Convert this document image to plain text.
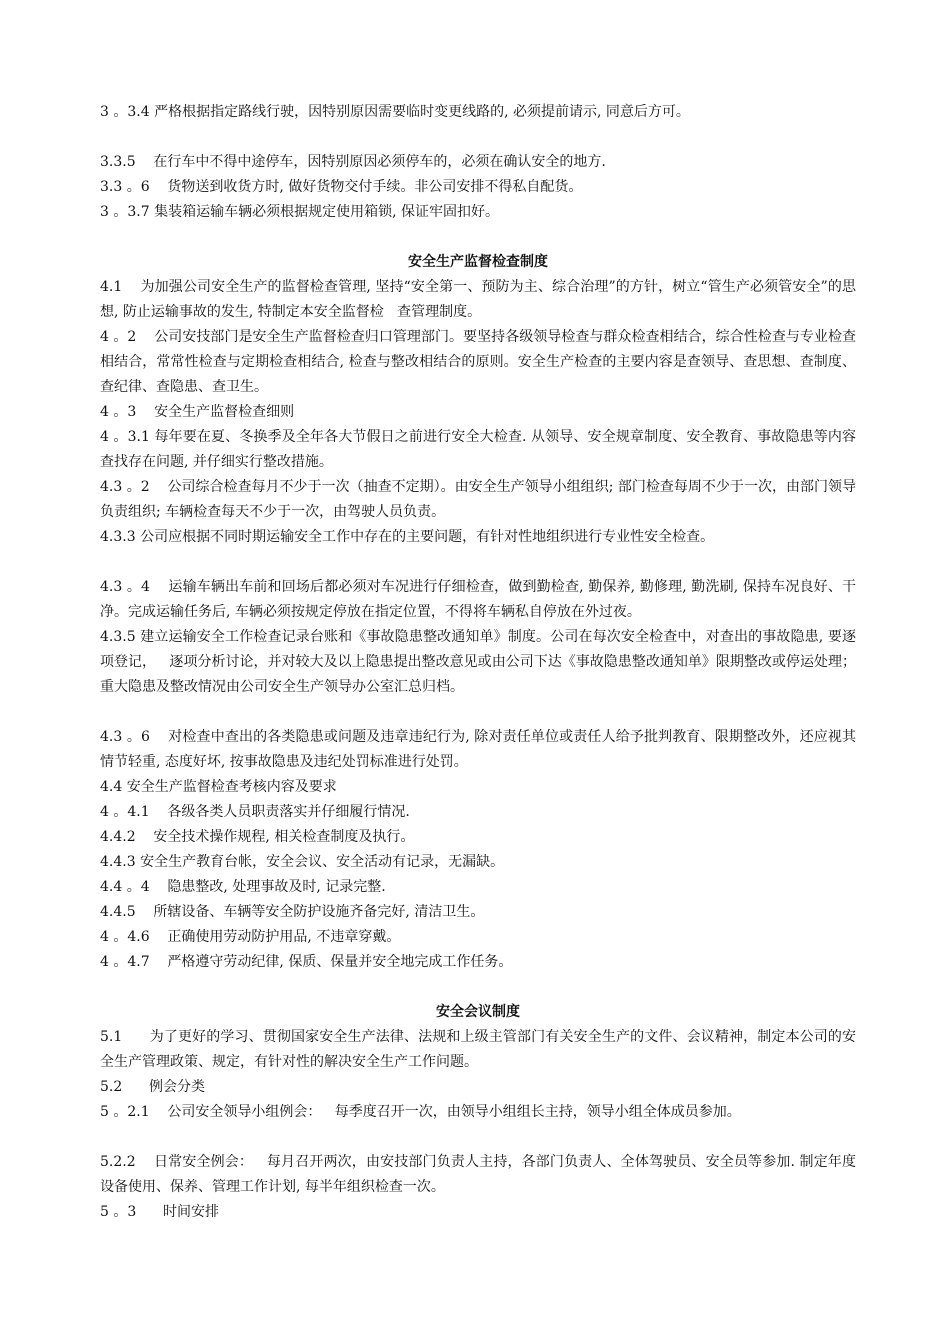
3 。3.4 严格根据指定路线行驶，因特别原因需要临时变更线路的, 必须提前请示, 同意后方可。

3.3.5    在行车中不得中途停车，因特别原因必须停车的，必须在确认安全的地方.

3.3 。6    货物送到收货方时, 做好货物交付手续。非公司安排不得私自配货。

3 。3.7 集装箱运输车辆必须根据规定使用箱锁, 保证牢固扣好。

安全生产监督检查制度

4.1    为加强公司安全生产的监督检查管理, 坚持“安全第一、预防为主、综合治理”的方针，树立“管生产必须管安全”的思想, 防止运输事故的发生, 特制定本安全监督检   查管理制度。

4 。2    公司安技部门是安全生产监督检查归口管理部门。要坚持各级领导检查与群众检查相结合，综合性检查与专业检查相结合，常常性检查与定期检查相结合, 检查与整改相结合的原则。安全生产检查的主要内容是查领导、查思想、查制度、查纪律、查隐患、查卫生。

4 。3    安全生产监督检查细则

4 。3.1 每年要在夏、冬换季及全年各大节假日之前进行安全大检查. 从领导、安全规章制度、安全教育、事故隐患等内容查找存在问题, 并仔细实行整改措施。

4.3 。2    公司综合检查每月不少于一次（抽查不定期）。由安全生产领导小组组织; 部门检查每周不少于一次，由部门领导负责组织; 车辆检查每天不少于一次，由驾驶人员负责。

4.3.3 公司应根据不同时期运输安全工作中存在的主要问题，有针对性地组织进行专业性安全检查。

4.3 。4    运输车辆出车前和回场后都必须对车况进行仔细检查，做到勤检查, 勤保养, 勤修理, 勤洗刷, 保持车况良好、干净。完成运输任务后, 车辆必须按规定停放在指定位置，不得将车辆私自停放在外过夜。

4.3.5 建立运输安全工作检查记录台账和《事故隐患整改通知单》制度。公司在每次安全检查中，对查出的事故隐患, 要逐项登记，   逐项分析讨论，并对较大及以上隐患提出整改意见或由公司下达《事故隐患整改通知单》限期整改或停运处理；重大隐患及整改情况由公司安全生产领导办公室汇总归档。

4.3 。6    对检查中查出的各类隐患或问题及违章违纪行为, 除对责任单位或责任人给予批判教育、限期整改外，还应视其情节轻重, 态度好坏, 按事故隐患及违纪处罚标准进行处罚。

4.4 安全生产监督检查考核内容及要求

4 。4.1    各级各类人员职责落实并仔细履行情况.

4.4.2    安全技术操作规程, 相关检查制度及执行。

4.4.3 安全生产教育台帐，安全会议、安全活动有记录，无漏缺。

4.4 。4    隐患整改, 处理事故及时, 记录完整.

4.4.5    所辖设备、车辆等安全防护设施齐备完好, 清洁卫生。

4 。4.6    正确使用劳动防护用品, 不违章穿戴。

4 。4.7    严格遵守劳动纪律, 保质、保量并安全地完成工作任务。

安全会议制度

5.1      为了更好的学习、贯彻国家安全生产法律、法规和上级主管部门有关安全生产的文件、会议精神，制定本公司的安全生产管理政策、规定，有针对性的解决安全生产工作问题。

5.2      例会分类

5 。2.1    公司安全领导小组例会：   每季度召开一次，由领导小组组长主持，领导小组全体成员参加。

5.2.2    日常安全例会：   每月召开两次，由安技部门负责人主持，各部门负责人、全体驾驶员、安全员等参加. 制定年度设备使用、保养、管理工作计划, 每半年组织检查一次。

5 。3      时间安排
